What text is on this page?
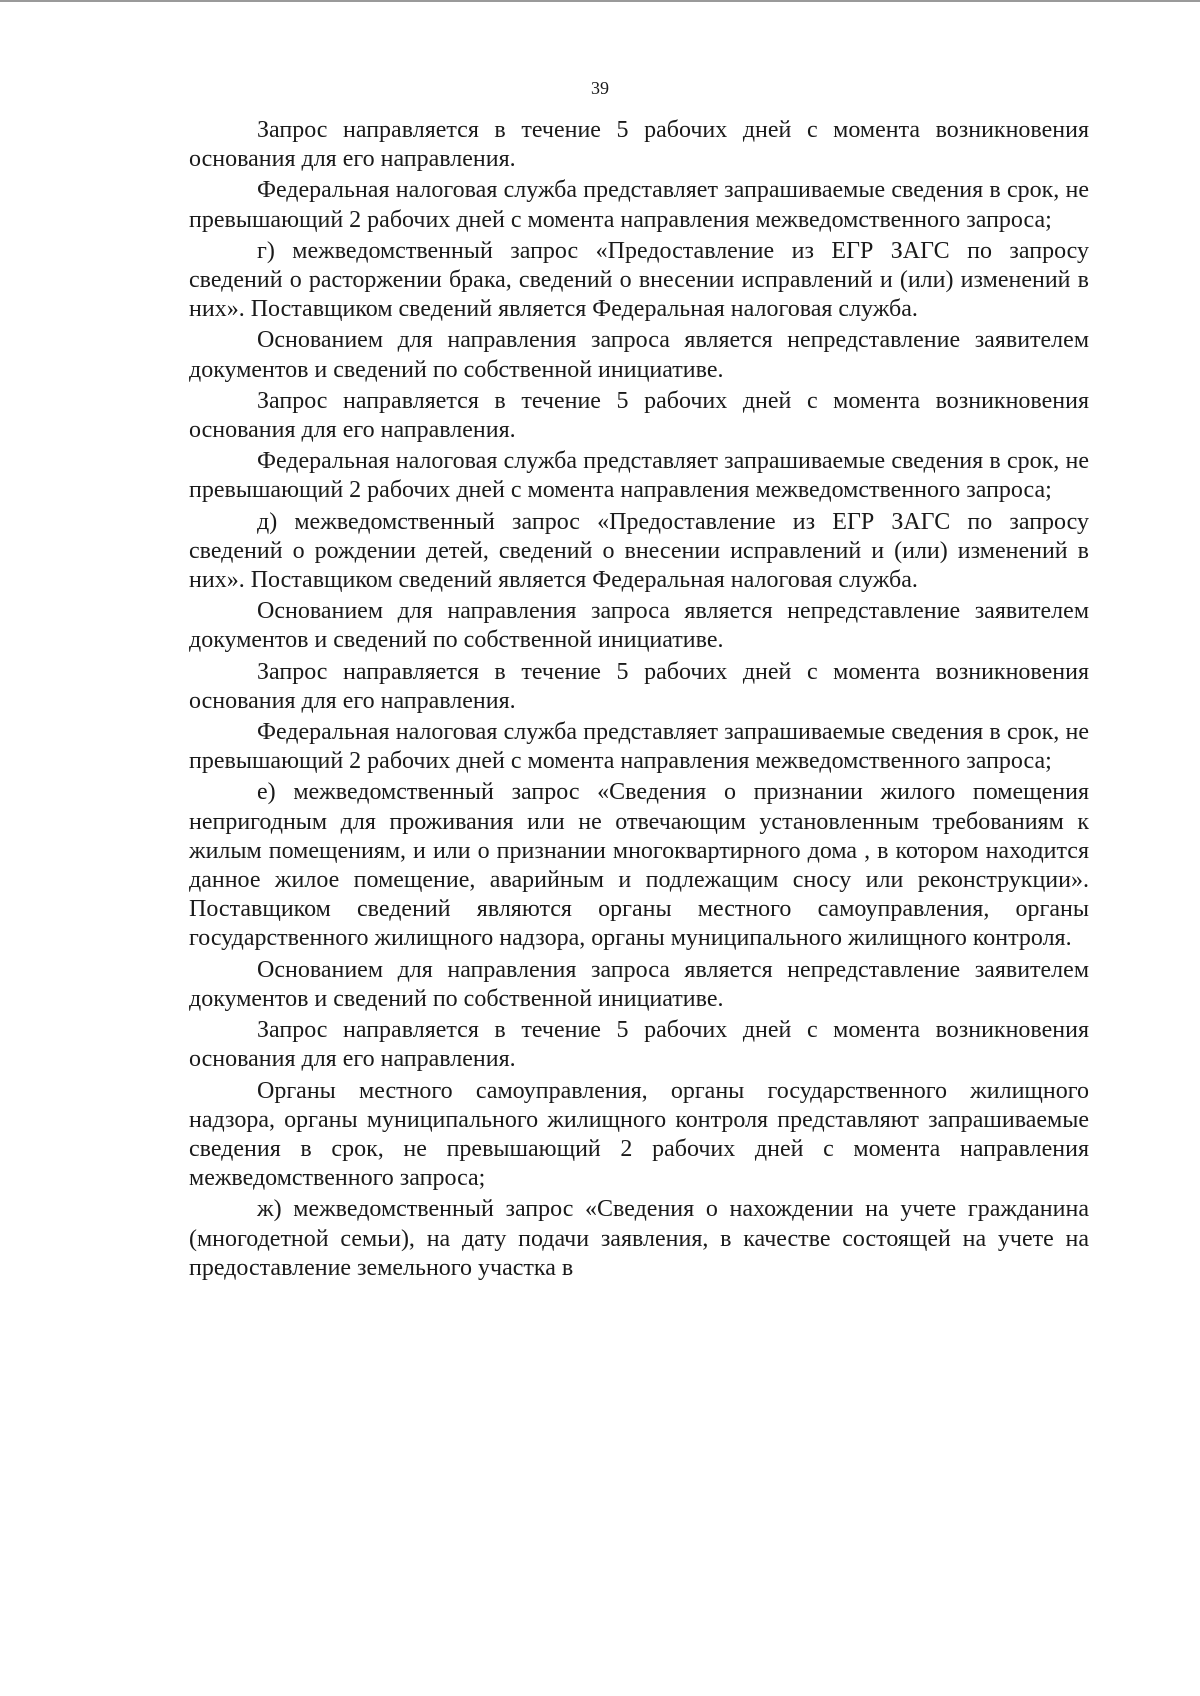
39

Запрос направляется в течение 5 рабочих дней с момента возникновения основания для его направления.

Федеральная налоговая служба представляет запрашиваемые сведения в срок, не превышающий 2 рабочих дней с момента направления межведомственного запроса;

г) межведомственный запрос «Предоставление из ЕГР ЗАГС по запросу сведений о расторжении брака, сведений о внесении исправлений и (или) изменений в них». Поставщиком сведений является Федеральная налоговая служба.

Основанием для направления запроса является непредставление заявителем документов и сведений по собственной инициативе.

Запрос направляется в течение 5 рабочих дней с момента возникновения основания для его направления.

Федеральная налоговая служба представляет запрашиваемые сведения в срок, не превышающий 2 рабочих дней с момента направления межведомственного запроса;

д) межведомственный запрос «Предоставление из ЕГР ЗАГС по запросу сведений о рождении детей, сведений о внесении исправлений и (или) изменений в них». Поставщиком сведений является Федеральная налоговая служба.

Основанием для направления запроса является непредставление заявителем документов и сведений по собственной инициативе.

Запрос направляется в течение 5 рабочих дней с момента возникновения основания для его направления.

Федеральная налоговая служба представляет запрашиваемые сведения в срок, не превышающий 2 рабочих дней с момента направления межведомственного запроса;

е) межведомственный запрос «Сведения о признании жилого помещения непригодным для проживания или не отвечающим установленным требованиям к жилым помещениям, и или о признании многоквартирного дома , в котором находится данное жилое помещение, аварийным и подлежащим сносу или реконструкции». Поставщиком сведений являются органы местного самоуправления, органы государственного жилищного надзора, органы муниципального жилищного контроля.

Основанием для направления запроса является непредставление заявителем документов и сведений по собственной инициативе.

Запрос направляется в течение 5 рабочих дней с момента возникновения основания для его направления.

Органы местного самоуправления, органы государственного жилищного надзора, органы муниципального жилищного контроля представляют запрашиваемые сведения в срок, не превышающий 2 рабочих дней с момента направления межведомственного запроса;

ж) межведомственный запрос «Сведения о нахождении на учете гражданина (многодетной семьи), на дату подачи заявления, в качестве состоящей на учете на предоставление земельного участка в
